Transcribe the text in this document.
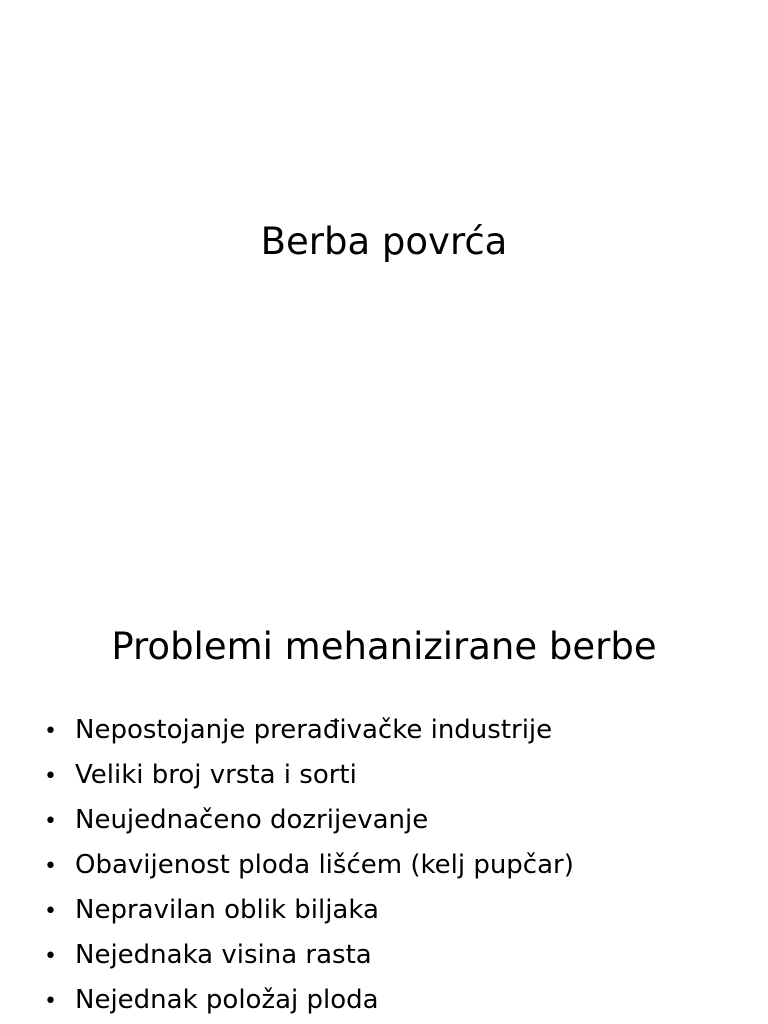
Berba povrća
Problemi mehanizirane berbe
• Nepostojanje prerađivačke industrije
• Veliki broj vrsta i sorti
• Neujednačeno dozrijevanje
• Obavijenost ploda lišćem (kelj pupčar)
• Nepravilan oblik biljaka
• Nejednaka visina rasta
• Nejednak položaj ploda
